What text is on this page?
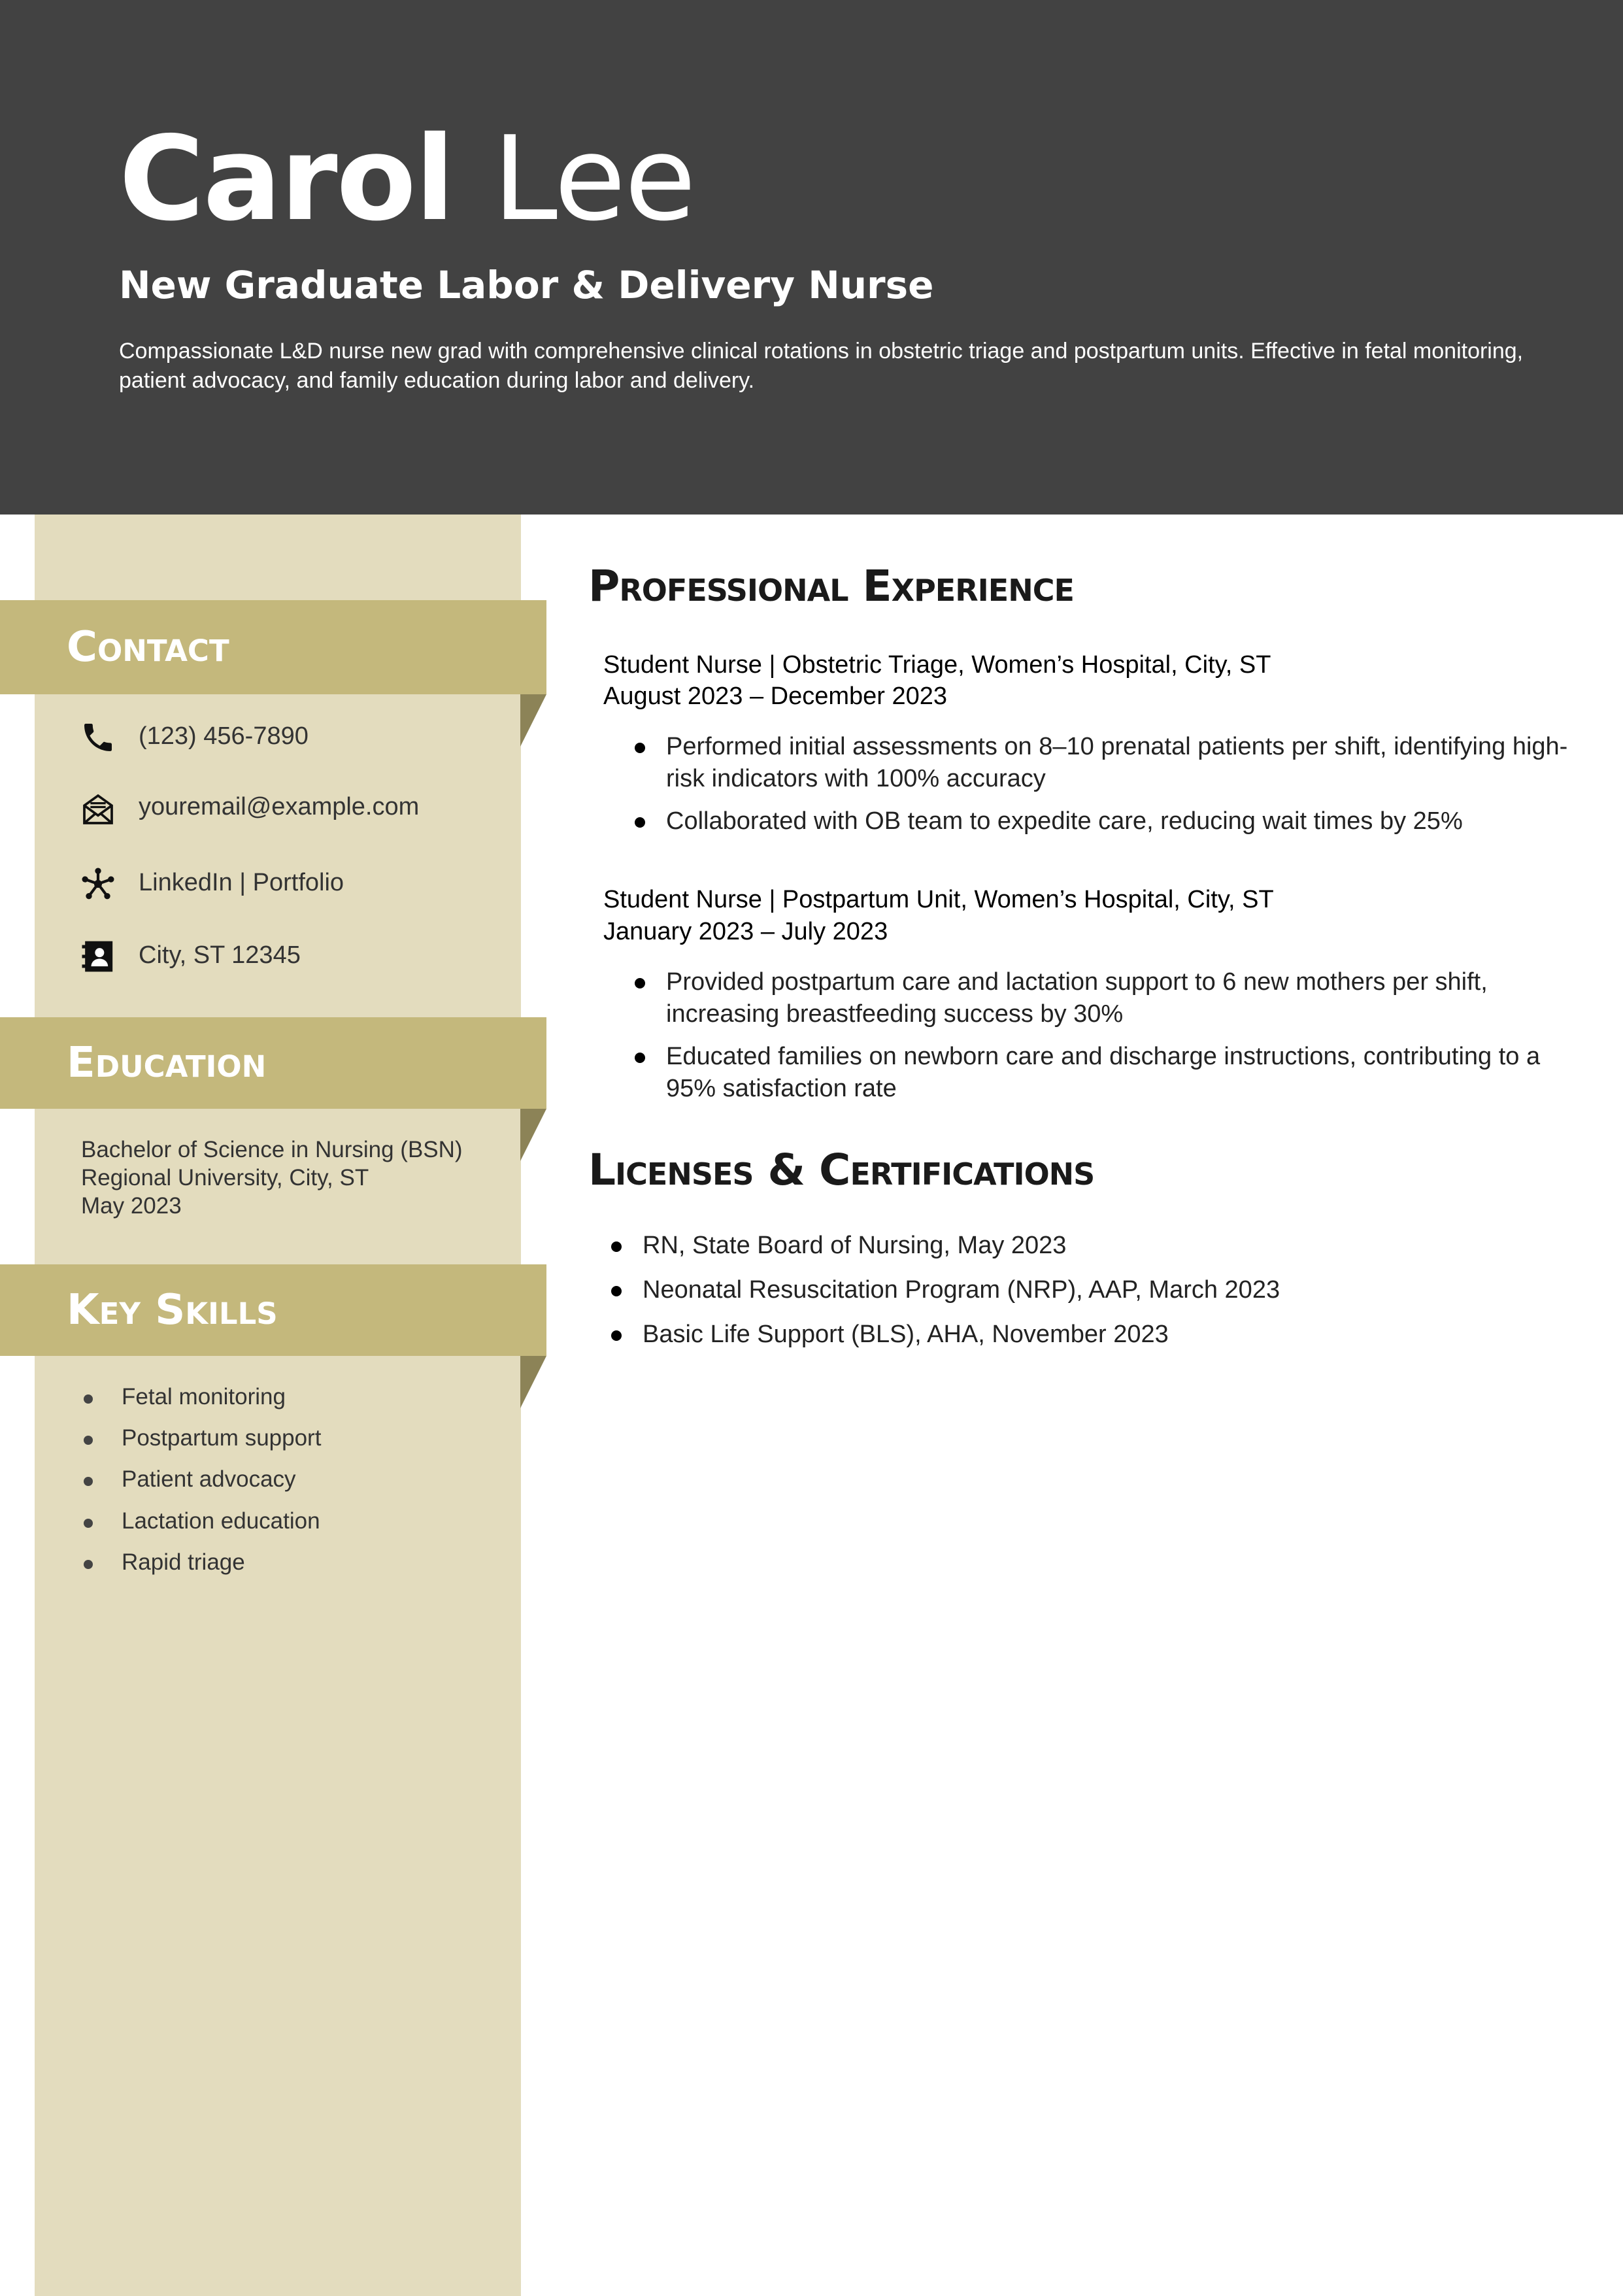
Carol Lee
New Graduate Labor & Delivery Nurse

Compassionate L&D nurse new grad with comprehensive clinical rotations in obstetric triage and postpartum units. Effective in fetal monitoring, patient advocacy, and family education during labor and delivery.

Contact
(123) 456-7890
youremail@example.com
LinkedIn | Portfolio
City, ST 12345
Education
Bachelor of Science in Nursing (BSN)
Regional University, City, ST
May 2023
Key Skills
Fetal monitoring
Postpartum support
Patient advocacy
Lactation education
Rapid triage
Professional Experience
Student Nurse | Obstetric Triage, Women’s Hospital, City, ST
August 2023 – December 2023
Performed initial assessments on 8–10 prenatal patients per shift, identifying high-risk indicators with 100% accuracy
Collaborated with OB team to expedite care, reducing wait times by 25%
Student Nurse | Postpartum Unit, Women’s Hospital, City, ST
January 2023 – July 2023
Provided postpartum care and lactation support to 6 new mothers per shift, increasing breastfeeding success by 30%
Educated families on newborn care and discharge instructions, contributing to a 95% satisfaction rate
Licenses & Certifications
RN, State Board of Nursing, May 2023
Neonatal Resuscitation Program (NRP), AAP, March 2023
Basic Life Support (BLS), AHA, November 2023
